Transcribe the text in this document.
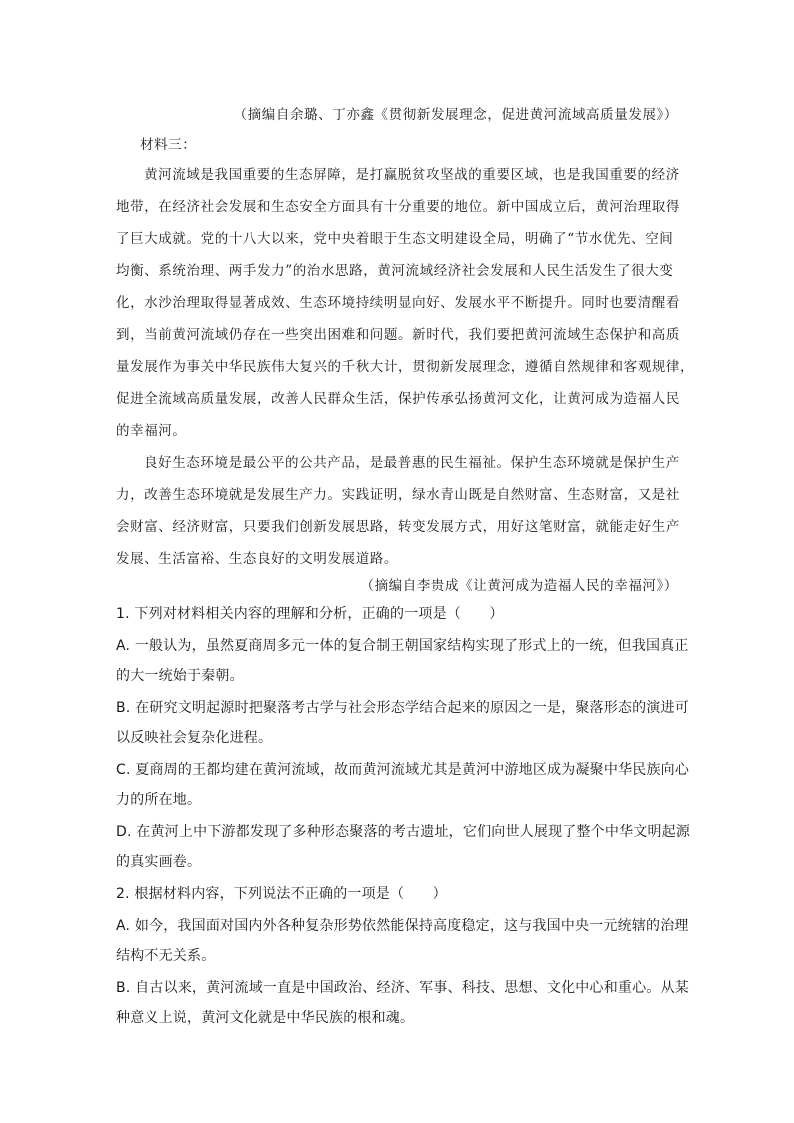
（摘编自余璐、丁亦鑫《贯彻新发展理念，促进黄河流域高质量发展》）
材料三：
黄河流域是我国重要的生态屏障，是打赢脱贫攻坚战的重要区域，也是我国重要的经济
地带，在经济社会发展和生态安全方面具有十分重要的地位。新中国成立后，黄河治理取得
了巨大成就。党的十八大以来，党中央着眼于生态文明建设全局，明确了“节水优先、空间
均衡、系统治理、两手发力”的治水思路，黄河流域经济社会发展和人民生活发生了很大变
化，水沙治理取得显著成效、生态环境持续明显向好、发展水平不断提升。同时也要清醒看
到，当前黄河流域仍存在一些突出困难和问题。新时代，我们要把黄河流域生态保护和高质
量发展作为事关中华民族伟大复兴的千秋大计，贯彻新发展理念，遵循自然规律和客观规律，
促进全流域高质量发展，改善人民群众生活，保护传承弘扬黄河文化，让黄河成为造福人民
的幸福河。
良好生态环境是最公平的公共产品，是最普惠的民生福祉。保护生态环境就是保护生产
力，改善生态环境就是发展生产力。实践证明，绿水青山既是自然财富、生态财富，又是社
会财富、经济财富，只要我们创新发展思路，转变发展方式，用好这笔财富，就能走好生产
发展、生活富裕、生态良好的文明发展道路。
（摘编自李贵成《让黄河成为造福人民的幸福河》）
1. 下列对材料相关内容的理解和分析，正确的一项是（　　）
A. 一般认为，虽然夏商周多元一体的复合制王朝国家结构实现了形式上的一统，但我国真正
的大一统始于秦朝。
B. 在研究文明起源时把聚落考古学与社会形态学结合起来的原因之一是，聚落形态的演进可
以反映社会复杂化进程。
C. 夏商周的王都均建在黄河流域，故而黄河流域尤其是黄河中游地区成为凝聚中华民族向心
力的所在地。
D. 在黄河上中下游都发现了多种形态聚落的考古遗址，它们向世人展现了整个中华文明起源
的真实画卷。
2. 根据材料内容，下列说法不正确的一项是（　　）
A. 如今，我国面对国内外各种复杂形势依然能保持高度稳定，这与我国中央一元统辖的治理
结构不无关系。
B. 自古以来，黄河流域一直是中国政治、经济、军事、科技、思想、文化中心和重心。从某
种意义上说，黄河文化就是中华民族的根和魂。
